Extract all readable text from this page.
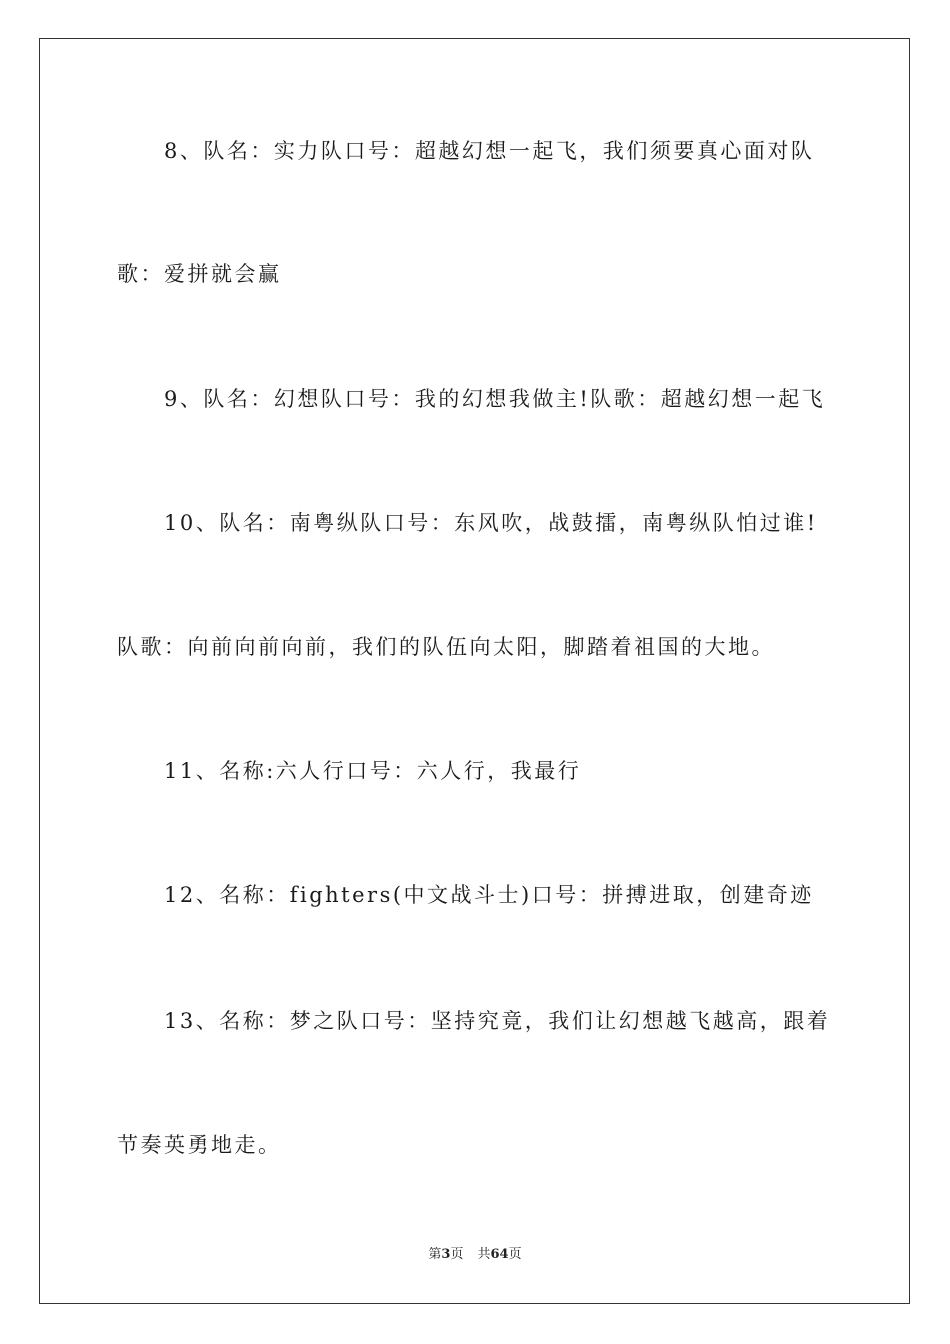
8、队名：实力队口号：超越幻想一起飞，我们须要真心面对队
歌：爱拼就会赢
9、队名：幻想队口号：我的幻想我做主!队歌：超越幻想一起飞
10、队名：南粤纵队口号：东风吹，战鼓擂，南粤纵队怕过谁!
队歌：向前向前向前，我们的队伍向太阳，脚踏着祖国的大地。
11、名称:六人行口号：六人行，我最行
12、名称：fighters(中文战斗士)口号：拼搏进取，创建奇迹
13、名称：梦之队口号：坚持究竟，我们让幻想越飞越高，跟着
节奏英勇地走。
第3页 共64页
